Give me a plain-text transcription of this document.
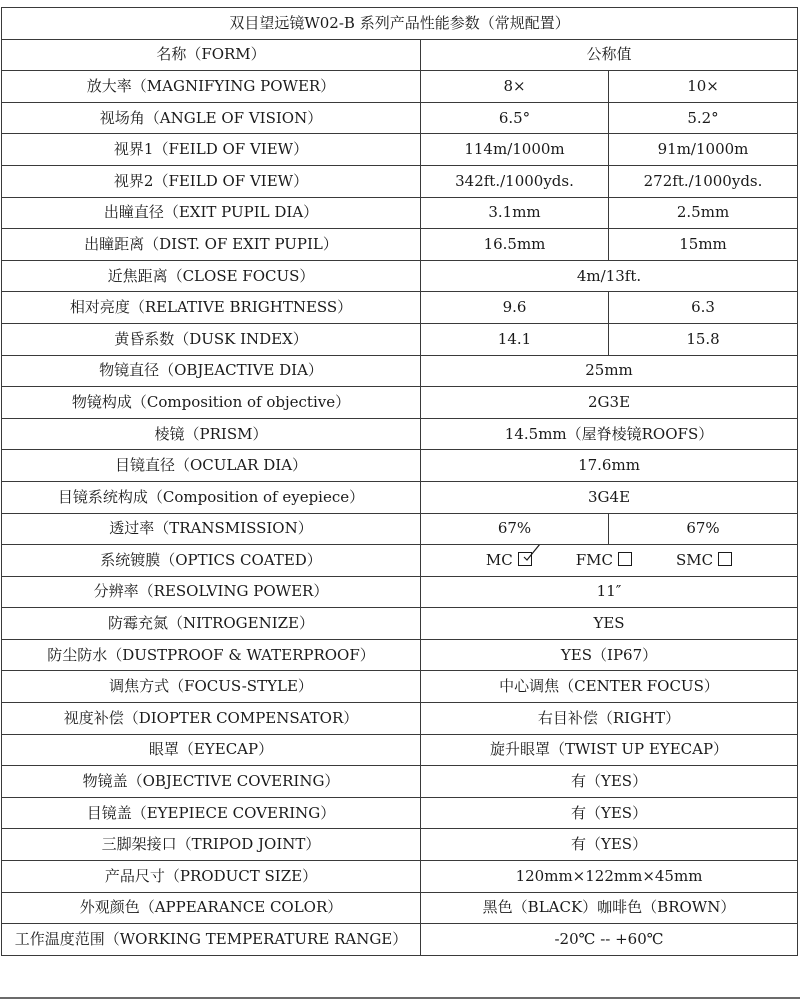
双目望远镜W02-B 系列产品性能参数（常规配置）		
名称（FORM）	公称值	
放大率（MAGNIFYING POWER）	8×	10×
视场角（ANGLE OF VISION）	6.5°	5.2°
视界1（FEILD OF VIEW）	114m/1000m	91m/1000m
视界2（FEILD OF VIEW）	342ft./1000yds.	272ft./1000yds.
出瞳直径（EXIT PUPIL DIA）	3.1mm	2.5mm
出瞳距离（DIST. OF EXIT PUPIL）	16.5mm	15mm
近焦距离（CLOSE FOCUS）	4m/13ft.	
相对亮度（RELATIVE BRIGHTNESS）	9.6	6.3
黄昏系数（DUSK INDEX）	14.1	15.8
物镜直径（OBJEACTIVE DIA）	25mm	
物镜构成（Composition of objective）	2G3E	
棱镜（PRISM）	14.5mm（屋脊棱镜ROOFS）	
目镜直径（OCULAR DIA）	17.6mm	
目镜系统构成（Composition of eyepiece）	3G4E	
透过率（TRANSMISSION）	67%	67%
系统镀膜（OPTICS COATED）	MC FMC SMC	
分辨率（RESOLVING POWER）	11″	
防霉充氮（NITROGENIZE）	YES	
防尘防水（DUSTPROOF & WATERPROOF）	YES（IP67）	
调焦方式（FOCUS-STYLE）	中心调焦（CENTER FOCUS）	
视度补偿（DIOPTER COMPENSATOR）	右目补偿（RIGHT）	
眼罩（EYECAP）	旋升眼罩（TWIST UP EYECAP）	
物镜盖（OBJECTIVE COVERING）	有（YES）	
目镜盖（EYEPIECE COVERING）	有（YES）	
三脚架接口（TRIPOD JOINT）	有（YES）	
产品尺寸（PRODUCT SIZE）	120mm×122mm×45mm	
外观颜色（APPEARANCE COLOR）	黑色（BLACK）咖啡色（BROWN）	
工作温度范围（WORKING TEMPERATURE RANGE）	-20℃ -- +60℃	
